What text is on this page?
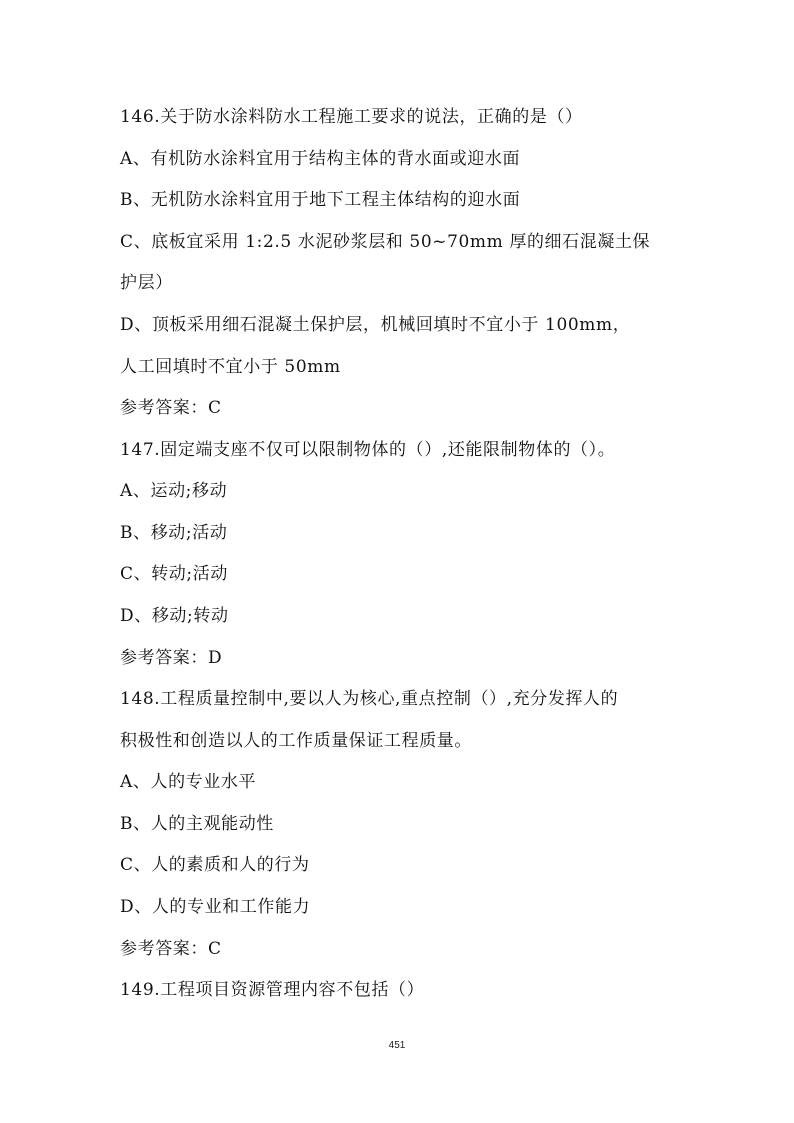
146.关于防水涂料防水工程施工要求的说法，正确的是（）
A、有机防水涂料宜用于结构主体的背水面或迎水面
B、无机防水涂料宜用于地下工程主体结构的迎水面
C、底板宜采用 1:2.5 水泥砂浆层和 50~70mm 厚的细石混凝土保
护层）
D、顶板采用细石混凝土保护层，机械回填时不宜小于 100mm，
人工回填时不宜小于 50mm
参考答案：C
147.固定端支座不仅可以限制物体的（）,还能限制物体的（）。
A、运动;移动
B、移动;活动
C、转动;活动
D、移动;转动
参考答案：D
148.工程质量控制中,要以人为核心,重点控制（）,充分发挥人的
积极性和创造以人的工作质量保证工程质量。
A、人的专业水平
B、人的主观能动性
C、人的素质和人的行为
D、人的专业和工作能力
参考答案：C
149.工程项目资源管理内容不包括（）
451
